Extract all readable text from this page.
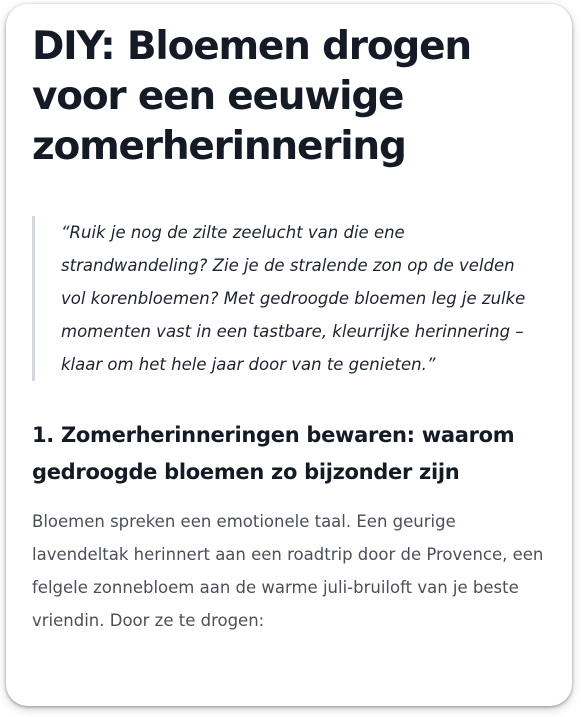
DIY: Bloemen drogen voor een eeuwige zomerherinnering

“Ruik je nog de zilte zeelucht van die ene strandwandeling? Zie je de stralende zon op de velden vol korenbloemen? Met gedroogde bloemen leg je zulke momenten vast in een tastbare, kleurrijke herinnering – klaar om het hele jaar door van te genieten.”

1. Zomerherinneringen bewaren: waarom gedroogde bloemen zo bijzonder zijn

Bloemen spreken een emotionele taal. Een geurige lavendeltak herinnert aan een roadtrip door de Provence, een felgele zonnebloem aan de warme juli-bruiloft van je beste vriendin. Door ze te drogen:
